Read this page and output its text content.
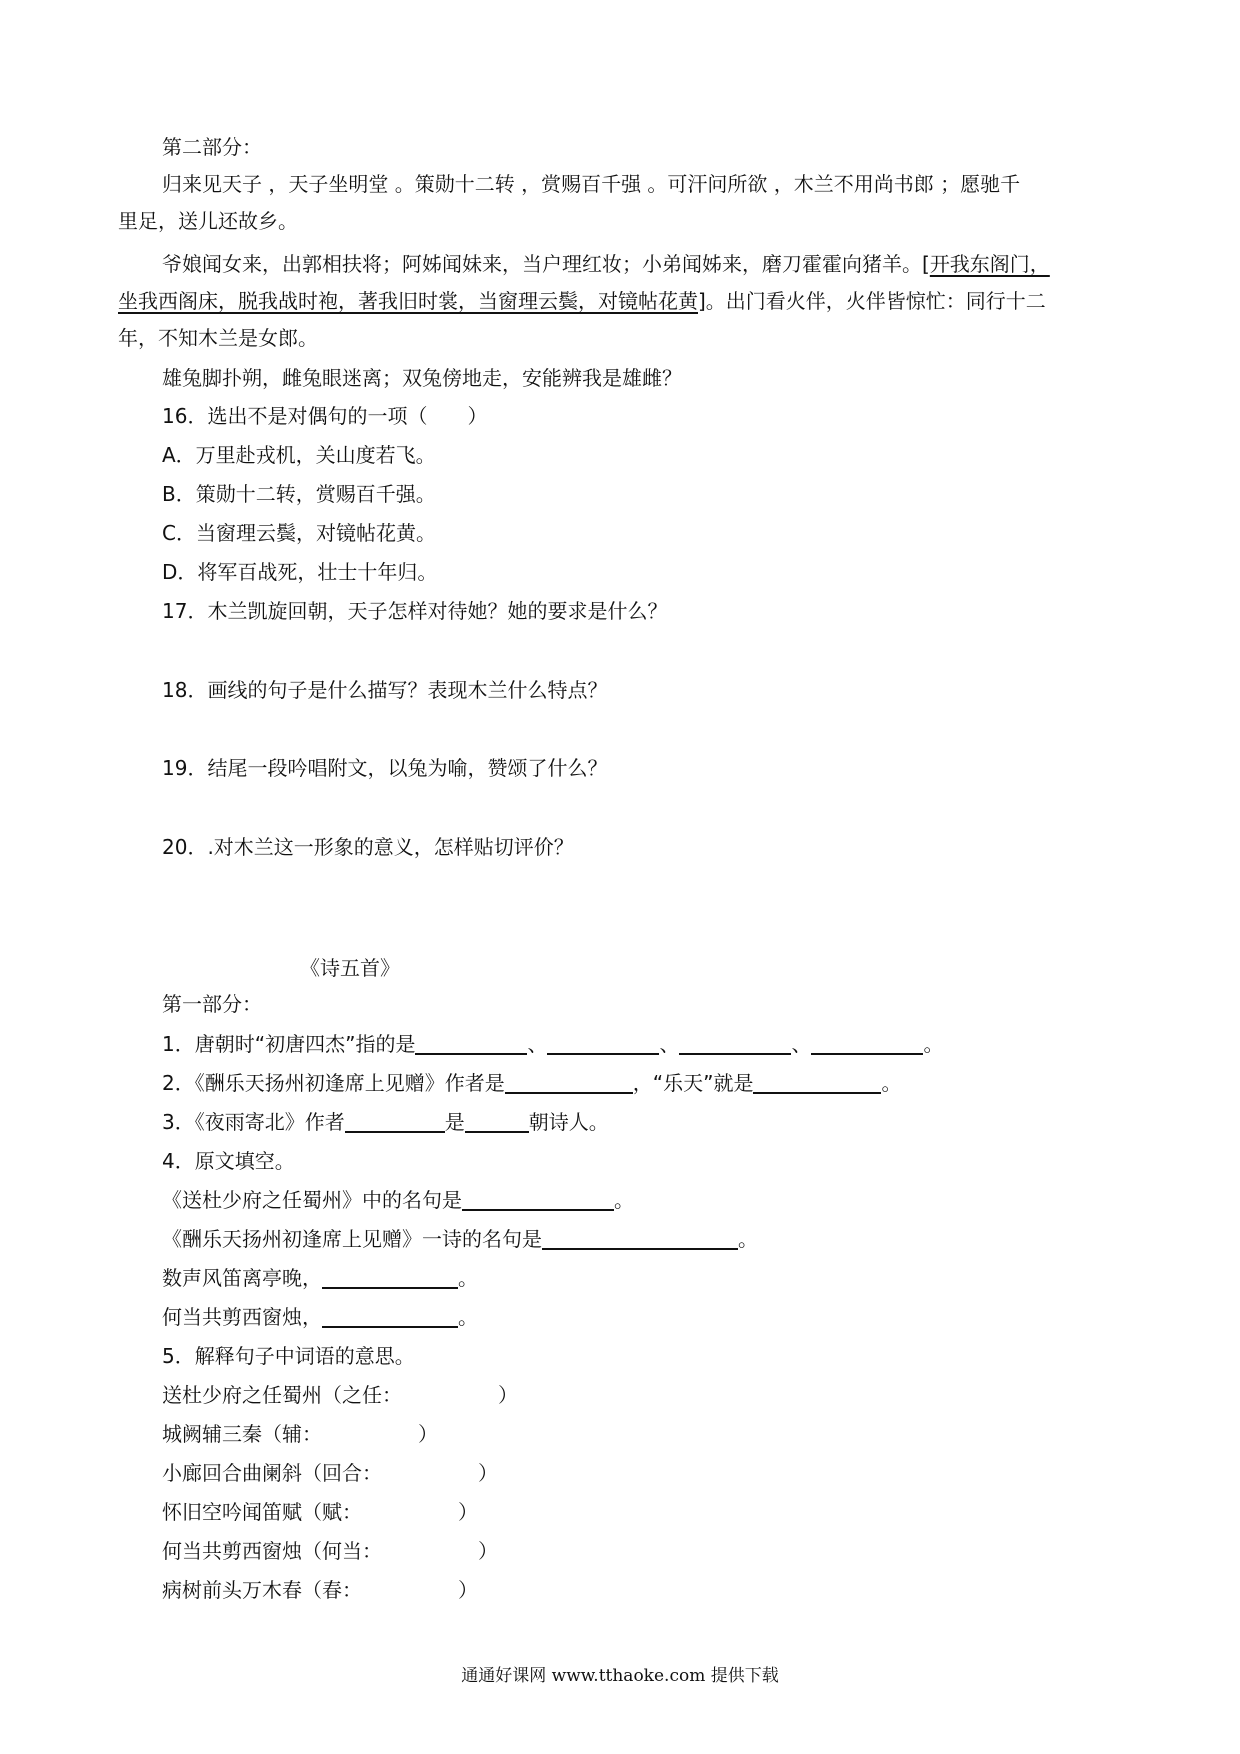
第二部分：
归来见天子 ，天子坐明堂 。策勋十二转 ，赏赐百千强 。可汗问所欲 ，木兰不用尚书郎 ；愿驰千
里足，送儿还故乡。
爷娘闻女来，出郭相扶将；阿姊闻妹来，当户理红妆；小弟闻姊来，磨刀霍霍向猪羊。[开我东阁门，
坐我西阁床，脱我战时袍，著我旧时裳，当窗理云鬓，对镜帖花黄]。出门看火伴，火伴皆惊忙：同行十二
年，不知木兰是女郎。
雄兔脚扑朔，雌兔眼迷离；双兔傍地走，安能辨我是雄雌？
16．选出不是对偶句的一项（　　）
A．万里赴戎机，关山度若飞。
B．策勋十二转，赏赐百千强。
C．当窗理云鬓，对镜帖花黄。
D．将军百战死，壮士十年归。
17．木兰凯旋回朝，天子怎样对待她？她的要求是什么？
18．画线的句子是什么描写？表现木兰什么特点？
19．结尾一段吟唱附文，以兔为喻，赞颂了什么？
20．.对木兰这一形象的意义，怎样贴切评价？
《诗五首》
第一部分：
1．唐朝时“初唐四杰”指的是	、	、	、	。
2．《酬乐天扬州初逢席上见赠》作者是	，“乐天”就是	。
3．《夜雨寄北》作者	是	朝诗人。
4．原文填空。
《送杜少府之任蜀州》中的名句是	。
《酬乐天扬州初逢席上见赠》一诗的名句是	。
数声风笛离亭晚，	。
何当共剪西窗烛，	。
5．解释句子中词语的意思。
送杜少府之任蜀州（之任：	）
城阙辅三秦（辅：	）
小廊回合曲阑斜（回合：	）
怀旧空吟闻笛赋（赋：	）
何当共剪西窗烛（何当：	）
病树前头万木春（春：	）
通通好课网 www.tthaoke.com 提供下载
